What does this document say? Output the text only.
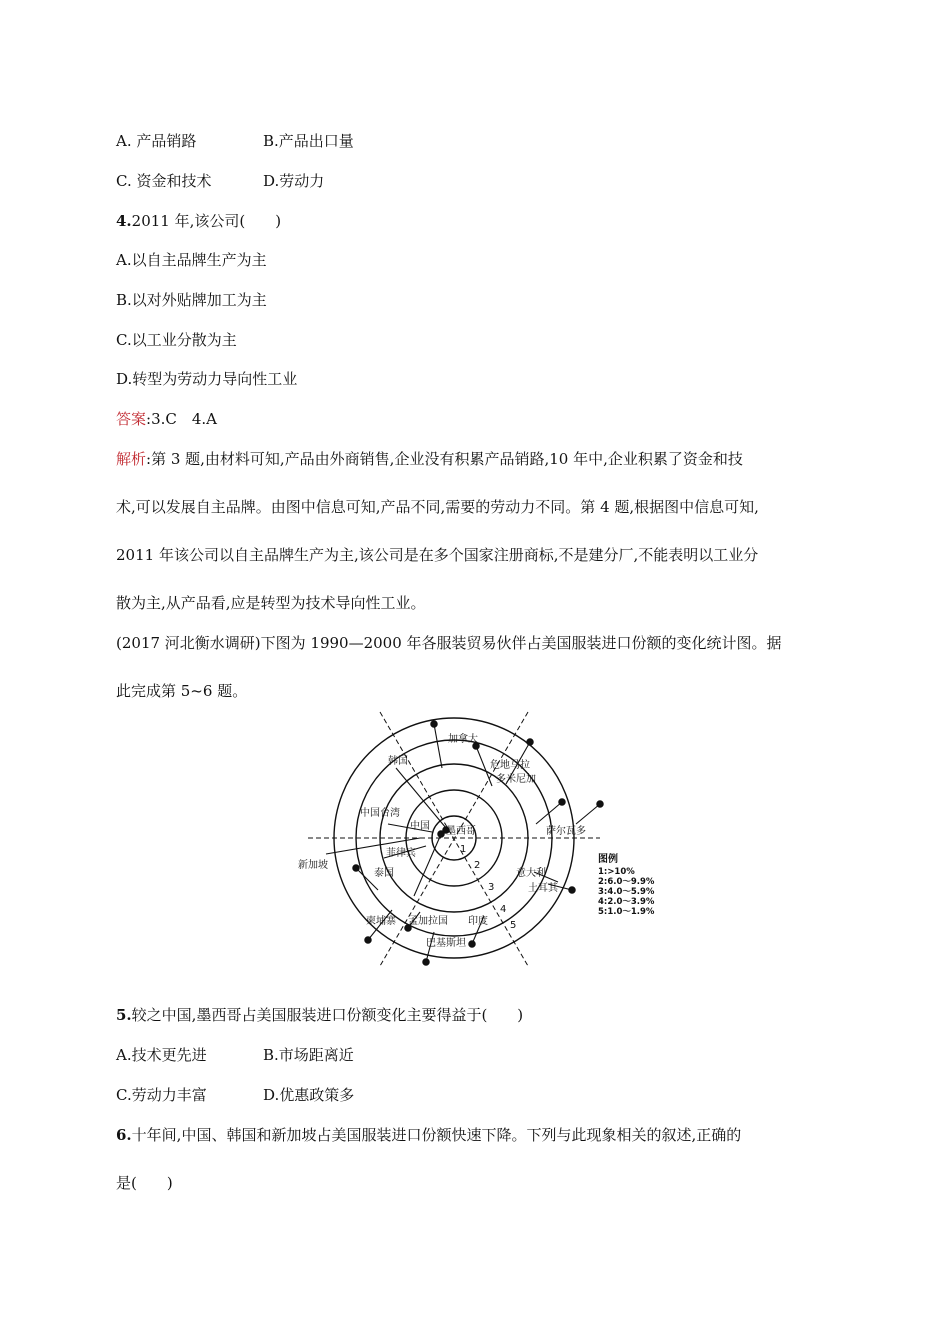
A. 产品销路	B.产品出口量
C. 资金和技术	D.劳动力
4.2011 年,该公司(　　)
A.以自主品牌生产为主
B.以对外贴牌加工为主
C.以工业分散为主
D.转型为劳动力导向性工业
答案:3.C　4.A
解析:第 3 题,由材料可知,产品由外商销售,企业没有积累产品销路,10 年中,企业积累了资金和技
术,可以发展自主品牌。由图中信息可知,产品不同,需要的劳动力不同。第 4 题,根据图中信息可知,
2011 年该公司以自主品牌生产为主,该公司是在多个国家注册商标,不是建分厂,不能表明以工业分
散为主,从产品看,应是转型为技术导向性工业。
(2017 河北衡水调研)下图为 1990—2000 年各服装贸易伙伴占美国服装进口份额的变化统计图。据
此完成第 5~6 题。
加拿大
韩国	危地马拉
多米尼加
中国台湾
中国 墨西哥	萨尔瓦多
新加坡
菲律宾
泰国	意大利
土耳其
柬埔寨 孟加拉国 印度
巴基斯坦
1
2
3
4
5
图例
1:>10%
2:6.0～9.9%
3:4.0～5.9%
4:2.0～3.9%
5:1.0～1.9%
5.较之中国,墨西哥占美国服装进口份额变化主要得益于(　　)
A.技术更先进	B.市场距离近
C.劳动力丰富	D.优惠政策多
6.十年间,中国、韩国和新加坡占美国服装进口份额快速下降。下列与此现象相关的叙述,正确的
是(　　)
